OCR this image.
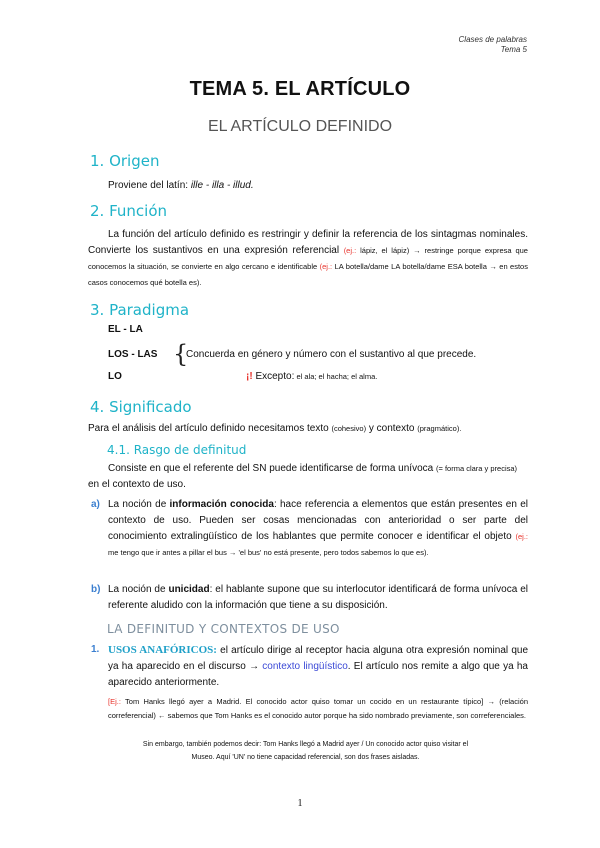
Clases de palabras
Tema 5
TEMA 5. EL ARTÍCULO
EL ARTÍCULO DEFINIDO
1. Origen
Proviene del latín: ille - illa - illud.
2. Función
La función del artículo definido es restringir y definir la referencia de los sintagmas nominales. Convierte los sustantivos en una expresión referencial (ej.: lápiz, el lápiz) → restringe porque expresa que conocemos la situación, se convierte en algo cercano e identificable (ej.: LA botella/dame LA botella/dame ESA botella → en estos casos conocemos qué botella es).
3. Paradigma
EL - LA
LOS - LAS {
Concuerda en género y número con el sustantivo al que precede.
LO	¡! Excepto: el ala; el hacha; el alma.
4. Significado
Para el análisis del artículo definido necesitamos texto (cohesivo) y contexto (pragmático).
4.1. Rasgo de definitud
Consiste en que el referente del SN puede identificarse de forma unívoca (= forma clara y precisa) en el contexto de uso.
a) La noción de información conocida: hace referencia a elementos que están presentes en el contexto de uso. Pueden ser cosas mencionadas con anterioridad o ser parte del conocimiento extralingüístico de los hablantes que permite conocer e identificar el objeto (ej.: me tengo que ir antes a pillar el bus → 'el bus' no está presente, pero todos sabemos lo que es).
b) La noción de unicidad: el hablante supone que su interlocutor identificará de forma unívoca el referente aludido con la información que tiene a su disposición.
LA DEFINITUD Y CONTEXTOS DE USO
1. USOS ANAFÓRICOS: el artículo dirige al receptor hacia alguna otra expresión nominal que ya ha aparecido en el discurso → contexto lingüístico. El artículo nos remite a algo que ya ha aparecido anteriormente.
[Ej.: Tom Hanks llegó ayer a Madrid. El conocido actor quiso tomar un cocido en un restaurante típico] → (relación correferencial) ← sabemos que Tom Hanks es el conocido autor porque ha sido nombrado previamente, son correferenciales.
Sin embargo, también podemos decir: Tom Hanks llegó a Madrid ayer / Un conocido actor quiso visitar el Museo. Aquí 'UN' no tiene capacidad referencial, son dos frases aisladas.
1
